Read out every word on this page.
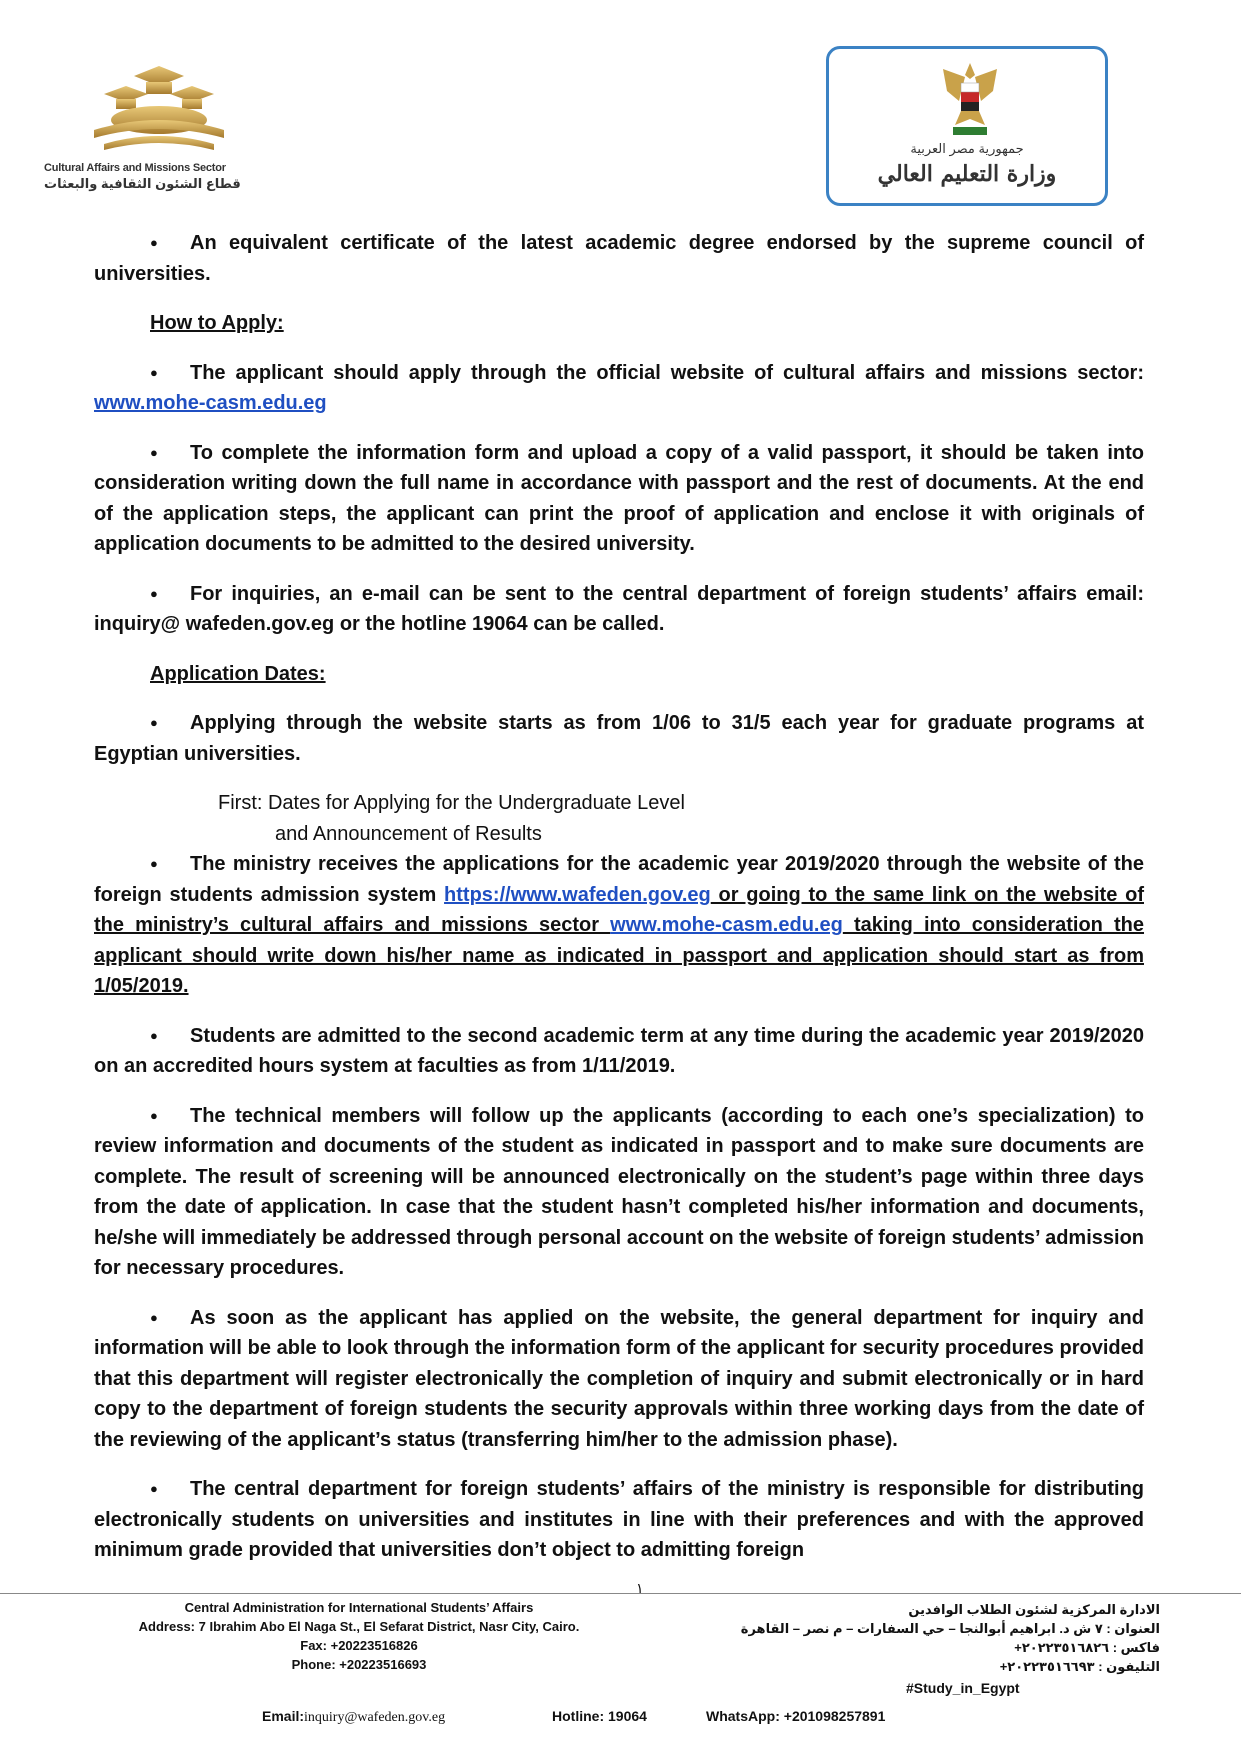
Cultural Affairs and Missions Sector
قطاع الشئون الثقافية والبعثات
جمهورية مصر العربية
وزارة التعليم العالي

● An equivalent certificate of the latest academic degree endorsed by the supreme council of universities.

How to Apply:

● The applicant should apply through the official website of cultural affairs and missions sector: www.mohe-casm.edu.eg

● To complete the information form and upload a copy of a valid passport, it should be taken into consideration writing down the full name in accordance with passport and the rest of documents. At the end of the application steps, the applicant can print the proof of application and enclose it with originals of application documents to be admitted to the desired university.

● For inquiries, an e-mail can be sent to the central department of foreign students’ affairs email: inquiry@ wafeden.gov.eg or the hotline 19064 can be called.

Application Dates:

● Applying through the website starts as from 1/06 to 31/5 each year for graduate programs at Egyptian universities.

First: Dates for Applying for the Undergraduate Level

and Announcement of Results

● The ministry receives the applications for the academic year 2019/2020 through the website of the foreign students admission system https://www.wafeden.gov.eg or going to the same link on the website of the ministry’s cultural affairs and missions sector www.mohe-casm.edu.eg taking into consideration the applicant should write down his/her name as indicated in passport and application should start as from 1/05/2019.

● Students are admitted to the second academic term at any time during the academic year 2019/2020 on an accredited hours system at faculties as from 1/11/2019.

● The technical members will follow up the applicants (according to each one’s specialization) to review information and documents of the student as indicated in passport and to make sure documents are complete. The result of screening will be announced electronically on the student’s page within three days from the date of application. In case that the student hasn’t completed his/her information and documents, he/she will immediately be addressed through personal account on the website of foreign students’ admission for necessary procedures.

● As soon as the applicant has applied on the website, the general department for inquiry and information will be able to look through the information form of the applicant for security procedures provided that this department will register electronically the completion of inquiry and submit electronically or in hard copy to the department of foreign students the security approvals within three working days from the date of the reviewing of the applicant’s status (transferring him/her to the admission phase).

● The central department for foreign students’ affairs of the ministry is responsible for distributing electronically students on universities and institutes in line with their preferences and with the approved minimum grade provided that universities don’t object to admitting foreign

١
Central Administration for International Students’ Affairs
Address: 7 Ibrahim Abo El Naga St., El Sefarat District, Nasr City, Cairo.
Fax: +20223516826
Phone: +20223516693
الادارة المركزية لشئون الطلاب الوافدين
العنوان : ٧ ش د. ابراهيم أبوالنجا – حي السفارات – م نصر – القاهرة
فاكس : ٢٠٢٢٣٥١٦٨٢٦+
التليفون : ٢٠٢٢٣٥١٦٦٩٣+
#Study_in_Egypt
Email:inquiry@wafeden.gov.eg	Hotline: 19064	WhatsApp: +201098257891
